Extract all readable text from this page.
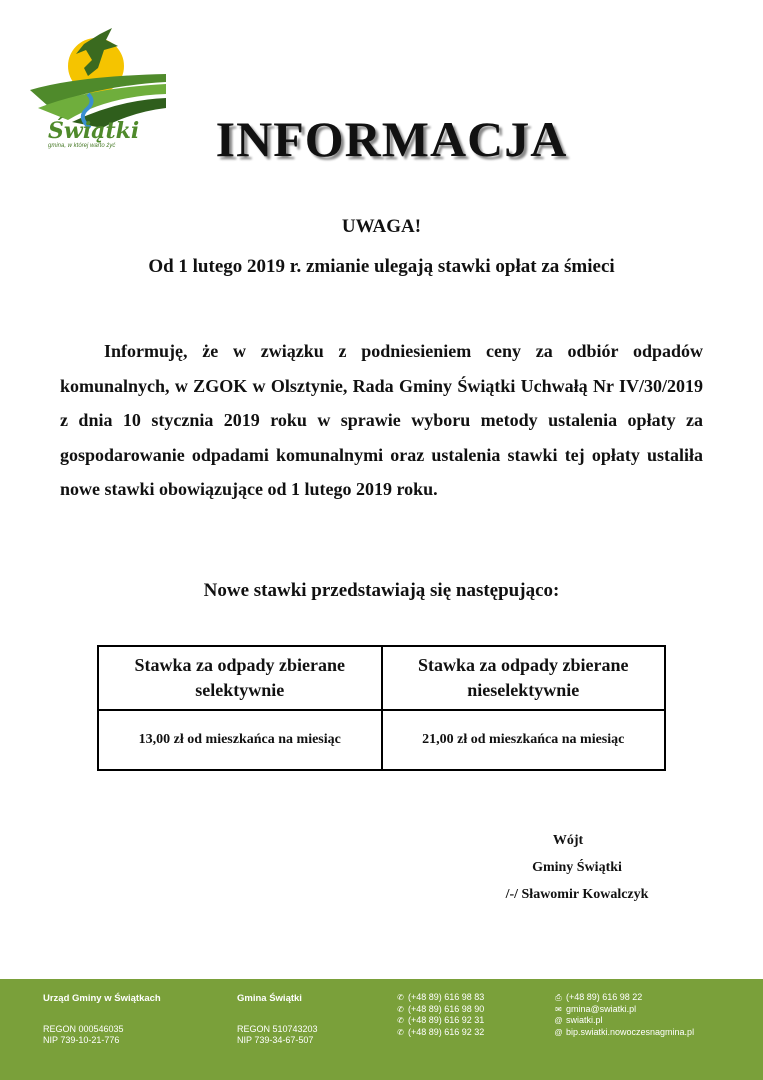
Świątki
gmina, w której warto żyć	INFORMACJA
UWAGA!
Od 1 lutego 2019 r. zmianie ulegają stawki opłat za śmieci
Informuję, że w związku z podniesieniem ceny za odbiór odpadów komunalnych, w ZGOK w Olsztynie, Rada Gminy Świątki Uchwałą Nr IV/30/2019 z dnia 10 stycznia 2019 roku w sprawie wyboru metody ustalenia opłaty za gospodarowanie odpadami komunalnymi oraz ustalenia stawki tej opłaty ustaliła nowe stawki obowiązujące od 1 lutego 2019 roku.
Nowe stawki przedstawiają się następująco:
Stawka za odpady zbierane selektywnie	Stawka za odpady zbierane nieselektywnie
13,00 zł od mieszkańca na miesiąc	21,00 zł od mieszkańca na miesiąc
Wójt
Gminy Świątki
/-/ Sławomir Kowalczyk
Urząd Gminy w Świątkach
REGON 000546035
NIP 739-10-21-776
Gmina Świątki
REGON 510743203
NIP 739-34-67-507
✆ (+48 89) 616 98 83
✆ (+48 89) 616 98 90
✆ (+48 89) 616 92 31
✆ (+48 89) 616 92 32
⎙ (+48 89) 616 98 22
✉ gmina@swiatki.pl
@ swiatki.pl
@ bip.swiatki.nowoczesnagmina.pl
